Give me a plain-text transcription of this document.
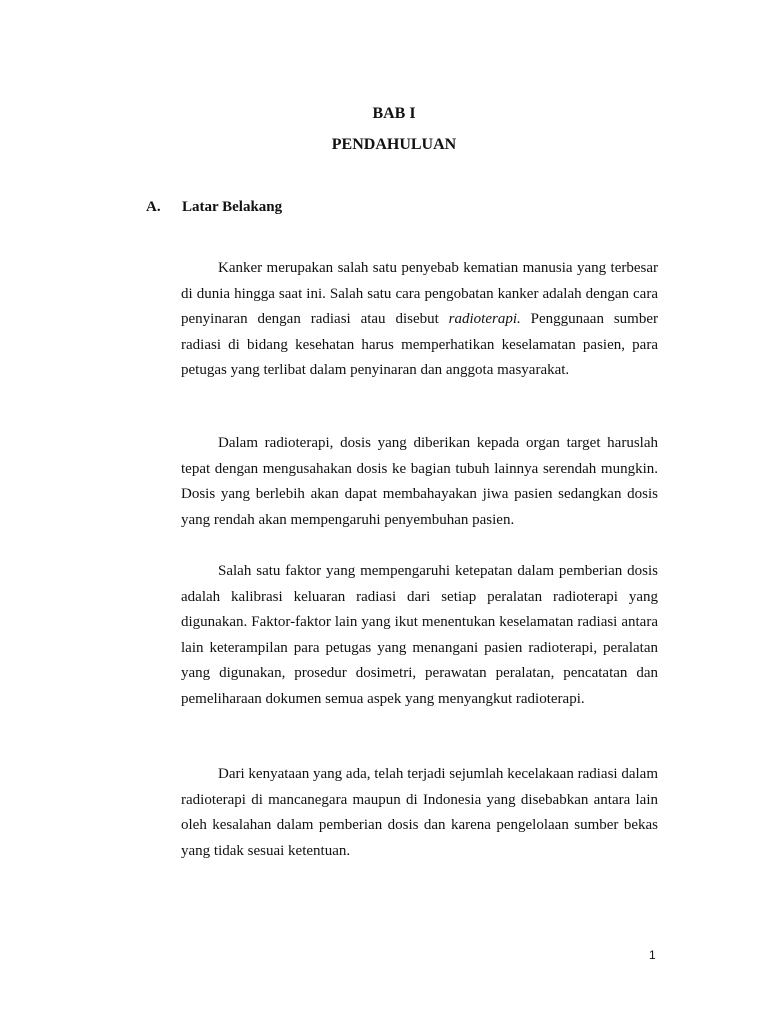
BAB I
PENDAHULUAN
A. Latar Belakang

Kanker merupakan salah satu penyebab kematian manusia yang terbesar di dunia hingga saat ini. Salah satu cara pengobatan kanker adalah dengan cara penyinaran dengan radiasi atau disebut radioterapi. Penggunaan sumber radiasi di bidang kesehatan harus memperhatikan keselamatan pasien, para petugas yang terlibat dalam penyinaran dan anggota masyarakat.

Dalam radioterapi, dosis yang diberikan kepada organ target haruslah tepat dengan mengusahakan dosis ke bagian tubuh lainnya serendah mungkin. Dosis yang berlebih akan dapat membahayakan jiwa pasien sedangkan dosis yang rendah akan mempengaruhi penyembuhan pasien.

Salah satu faktor yang mempengaruhi ketepatan dalam pemberian dosis adalah kalibrasi keluaran radiasi dari setiap peralatan radioterapi yang digunakan. Faktor-faktor lain yang ikut menentukan keselamatan radiasi antara lain keterampilan para petugas yang menangani pasien radioterapi, peralatan yang digunakan, prosedur dosimetri, perawatan peralatan, pencatatan dan pemeliharaan dokumen semua aspek yang menyangkut radioterapi.

Dari kenyataan yang ada, telah terjadi sejumlah kecelakaan radiasi dalam radioterapi di mancanegara maupun di Indonesia yang disebabkan antara lain oleh kesalahan dalam pemberian dosis dan karena pengelolaan sumber bekas yang tidak sesuai ketentuan.

1
